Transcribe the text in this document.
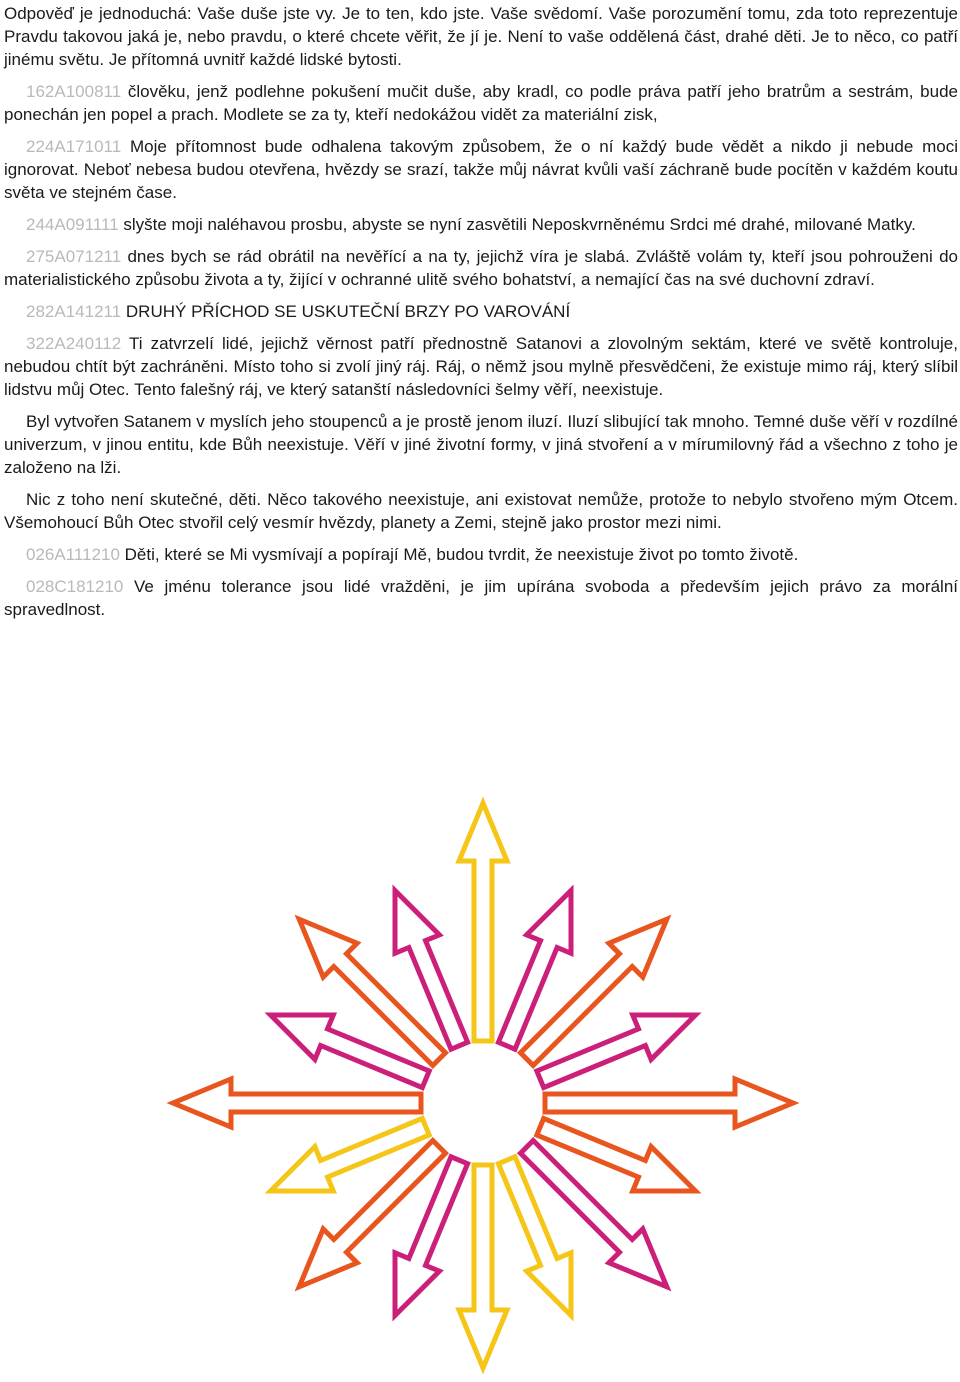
Odpověď je jednoduchá: Vaše duše jste vy. Je to ten, kdo jste. Vaše svědomí. Vaše porozumění tomu, zda toto reprezentuje Pravdu takovou jaká je, nebo pravdu, o které chcete věřit, že jí je. Není to vaše oddělená část, drahé děti. Je to něco, co patří jinému světu. Je přítomná uvnitř každé lidské bytosti.

162A100811 člověku, jenž podlehne pokušení mučit duše, aby kradl, co podle práva patří jeho bratrům a sestrám, bude ponechán jen popel a prach. Modlete se za ty, kteří nedokážou vidět za materiální zisk,

224A171011 Moje přítomnost bude odhalena takovým způsobem, že o ní každý bude vědět a nikdo ji nebude moci ignorovat. Neboť nebesa budou otevřena, hvězdy se srazí, takže můj návrat kvůli vaší záchraně bude pocítěn v každém koutu světa ve stejném čase.

244A091111 slyšte moji naléhavou prosbu, abyste se nyní zasvětili Neposkvrněnému Srdci mé drahé, milované Matky.

275A071211 dnes bych se rád obrátil na nevěřící a na ty, jejichž víra je slabá. Zvláště volám ty, kteří jsou pohrouženi do materialistického způsobu života a ty, žijící v ochranné ulitě svého bohatství, a nemající čas na své duchovní zdraví.

282A141211 DRUHÝ PŘÍCHOD SE USKUTEČNÍ BRZY PO VAROVÁNÍ

322A240112 Ti zatvrzelí lidé, jejichž věrnost patří přednostně Satanovi a zlovolným sektám, které ve světě kontroluje, nebudou chtít být zachráněni. Místo toho si zvolí jiný ráj. Ráj, o němž jsou mylně přesvědčeni, že existuje mimo ráj, který slíbil lidstvu můj Otec. Tento falešný ráj, ve který satanští následovníci šelmy věří, neexistuje.

Byl vytvořen Satanem v myslích jeho stoupenců a je prostě jenom iluzí. Iluzí slibující tak mnoho. Temné duše věří v rozdílné univerzum, v jinou entitu, kde Bůh neexistuje. Věří v jiné životní formy, v jiná stvoření a v mírumilovný řád a všechno z toho je založeno na lži.

Nic z toho není skutečné, děti. Něco takového neexistuje, ani existovat nemůže, protože to nebylo stvořeno mým Otcem. Všemohoucí Bůh Otec stvořil celý vesmír hvězdy, planety a Zemi, stejně jako prostor mezi nimi.

026A111210 Děti, které se Mi vysmívají a popírají Mě, budou tvrdit, že neexistuje život po tomto životě.

028C181210 Ve jménu tolerance jsou lidé vražděni, je jim upírána svoboda a především jejich právo za morální spravedlnost.
